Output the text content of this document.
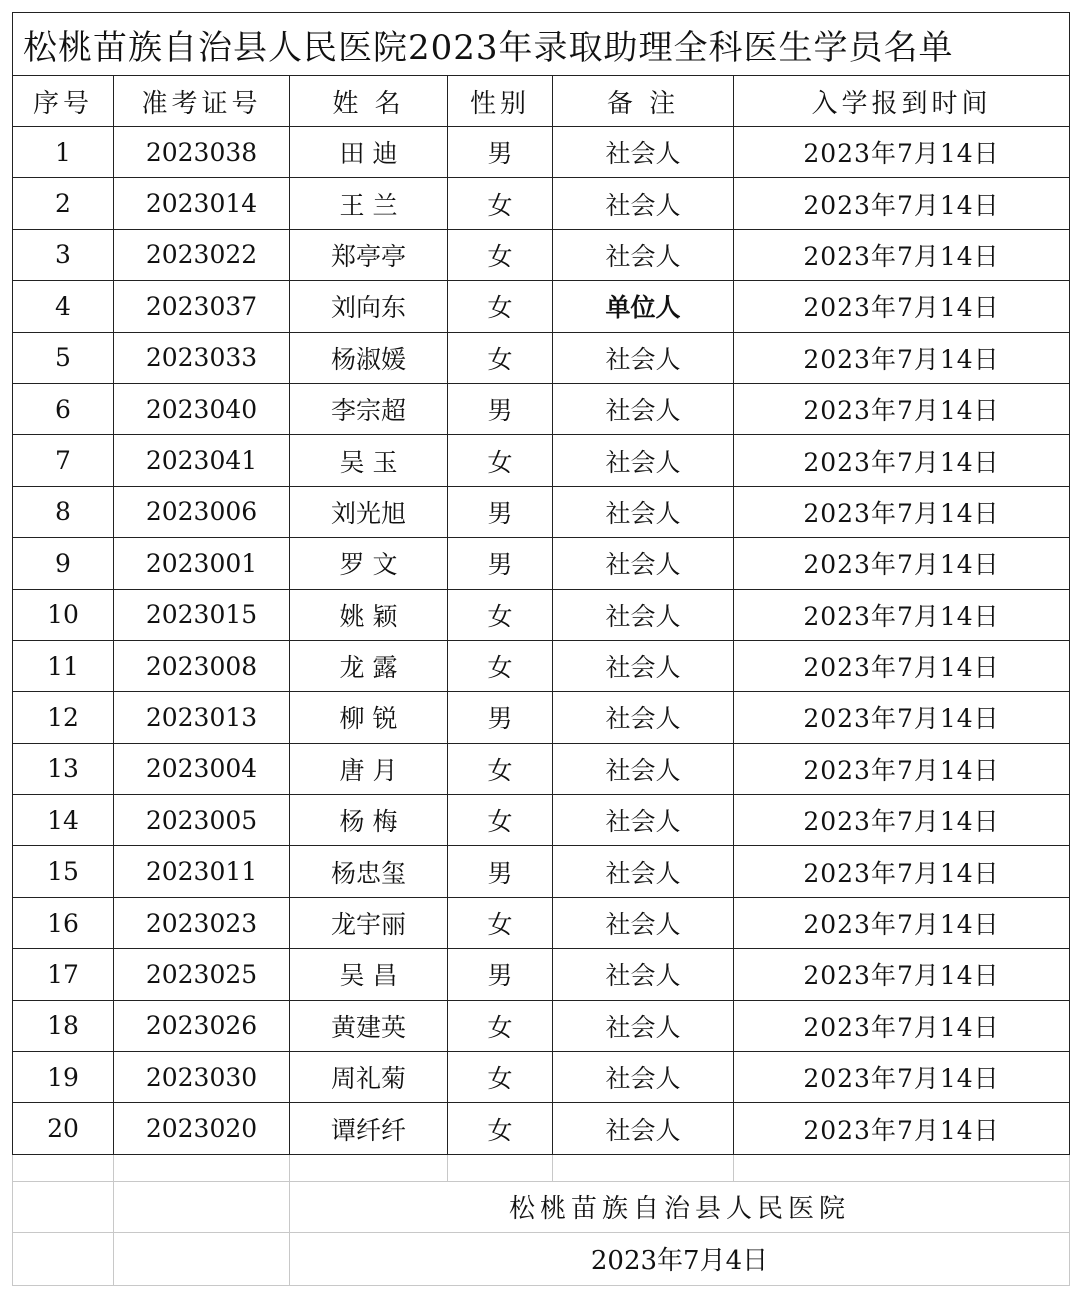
松桃苗族自治县人民医院2023年录取助理全科医生学员名单					
序号	准考证号	姓 名	性别	备 注	入学报到时间
1	2023038	田 迪	男	社会人	2023年7月14日
2	2023014	王 兰	女	社会人	2023年7月14日
3	2023022	郑亭亭	女	社会人	2023年7月14日
4	2023037	刘向东	女	单位人	2023年7月14日
5	2023033	杨淑媛	女	社会人	2023年7月14日
6	2023040	李宗超	男	社会人	2023年7月14日
7	2023041	吴 玉	女	社会人	2023年7月14日
8	2023006	刘光旭	男	社会人	2023年7月14日
9	2023001	罗 文	男	社会人	2023年7月14日
10	2023015	姚 颖	女	社会人	2023年7月14日
11	2023008	龙 露	女	社会人	2023年7月14日
12	2023013	柳 锐	男	社会人	2023年7月14日
13	2023004	唐 月	女	社会人	2023年7月14日
14	2023005	杨 梅	女	社会人	2023年7月14日
15	2023011	杨忠玺	男	社会人	2023年7月14日
16	2023023	龙宇丽	女	社会人	2023年7月14日
17	2023025	吴 昌	男	社会人	2023年7月14日
18	2023026	黄建英	女	社会人	2023年7月14日
19	2023030	周礼菊	女	社会人	2023年7月14日
20	2023020	谭纤纤	女	社会人	2023年7月14日

		松桃苗族自治县人民医院			
		2023年7月4日			
